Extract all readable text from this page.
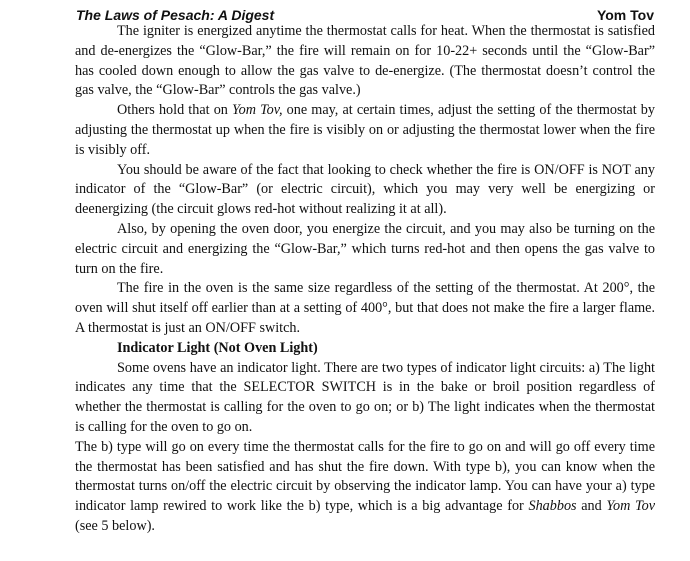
The Laws of Pesach: A Digest	Yom Tov

The igniter is energized anytime the thermostat calls for heat. When the thermostat is satisfied and de-energizes the “Glow-Bar,” the fire will remain on for 10-22+ seconds until the “Glow-Bar” has cooled down enough to allow the gas valve to de-energize. (The thermostat doesn’t control the gas valve, the “Glow-Bar” controls the gas valve.)

Others hold that on Yom Tov, one may, at certain times, adjust the setting of the thermostat by adjusting the thermostat up when the fire is visibly on or adjusting the thermostat lower when the fire is visibly off.

You should be aware of the fact that looking to check whether the fire is ON/OFF is NOT any indicator of the “Glow-Bar” (or electric circuit), which you may very well be energizing or deenergizing (the circuit glows red-hot without realizing it at all).

Also, by opening the oven door, you energize the circuit, and you may also be turning on the electric circuit and energizing the “Glow-Bar,” which turns red-hot and then opens the gas valve to turn on the fire.

The fire in the oven is the same size regardless of the setting of the thermostat. At 200°, the oven will shut itself off earlier than at a setting of 400°, but that does not make the fire a larger flame. A thermostat is just an ON/OFF switch.

Indicator Light (Not Oven Light)

Some ovens have an indicator light. There are two types of indicator light circuits: a) The light indicates any time that the SELECTOR SWITCH is in the bake or broil position regardless of whether the thermostat is calling for the oven to go on; or b) The light indicates when the thermostat is calling for the oven to go on.

The b) type will go on every time the thermostat calls for the fire to go on and will go off every time the thermostat has been satisfied and has shut the fire down. With type b), you can know when the thermostat turns on/off the electric circuit by observing the indicator lamp. You can have your a) type indicator lamp rewired to work like the b) type, which is a big advantage for Shabbos and Yom Tov (see 5 below).
